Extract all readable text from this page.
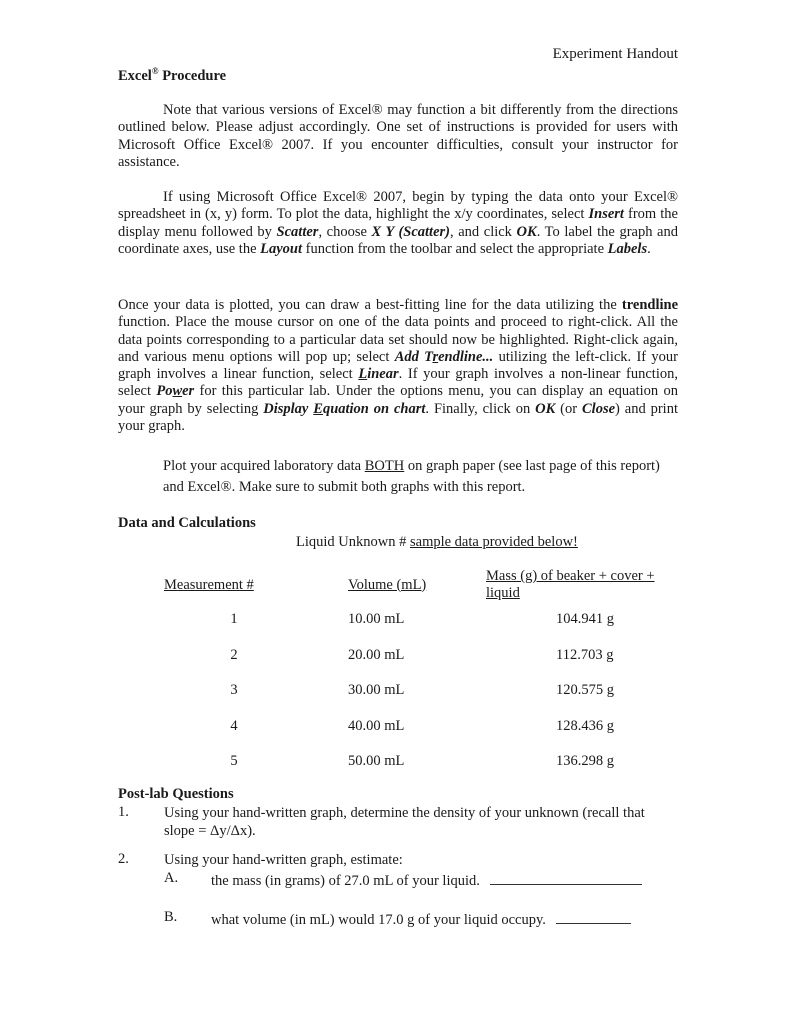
Experiment Handout
Excel® Procedure

Note that various versions of Excel® may function a bit differently from the directions outlined below. Please adjust accordingly. One set of instructions is provided for users with Microsoft Office Excel® 2007. If you encounter difficulties, consult your instructor for assistance.

If using Microsoft Office Excel® 2007, begin by typing the data onto your Excel® spreadsheet in (x, y) form. To plot the data, highlight the x/y coordinates, select Insert from the display menu followed by Scatter, choose X Y (Scatter), and click OK. To label the graph and coordinate axes, use the Layout function from the toolbar and select the appropriate Labels.

Once your data is plotted, you can draw a best-fitting line for the data utilizing the trendline function. Place the mouse cursor on one of the data points and proceed to right-click. All the data points corresponding to a particular data set should now be highlighted. Right-click again, and various menu options will pop up; select Add Trendline... utilizing the left-click. If your graph involves a linear function, select Linear. If your graph involves a non-linear function, select Power for this particular lab. Under the options menu, you can display an equation on your graph by selecting Display Equation on chart. Finally, click on OK (or Close) and print your graph.

Plot your acquired laboratory data BOTH on graph paper (see last page of this report) and Excel®. Make sure to submit both graphs with this report.

Data and Calculations
Liquid Unknown # sample data provided below!
Measurement #	Volume (mL)	Mass (g) of beaker + cover + liquid
1	10.00 mL	104.941 g
2	20.00 mL	112.703 g
3	30.00 mL	120.575 g
4	40.00 mL	128.436 g
5	50.00 mL	136.298 g
Post-lab Questions
1. Using your hand-written graph, determine the density of your unknown (recall that slope = Δy/Δx).
2. Using your hand-written graph, estimate:
A. the mass (in grams) of 27.0 mL of your liquid.
B. what volume (in mL) would 17.0 g of your liquid occupy.
